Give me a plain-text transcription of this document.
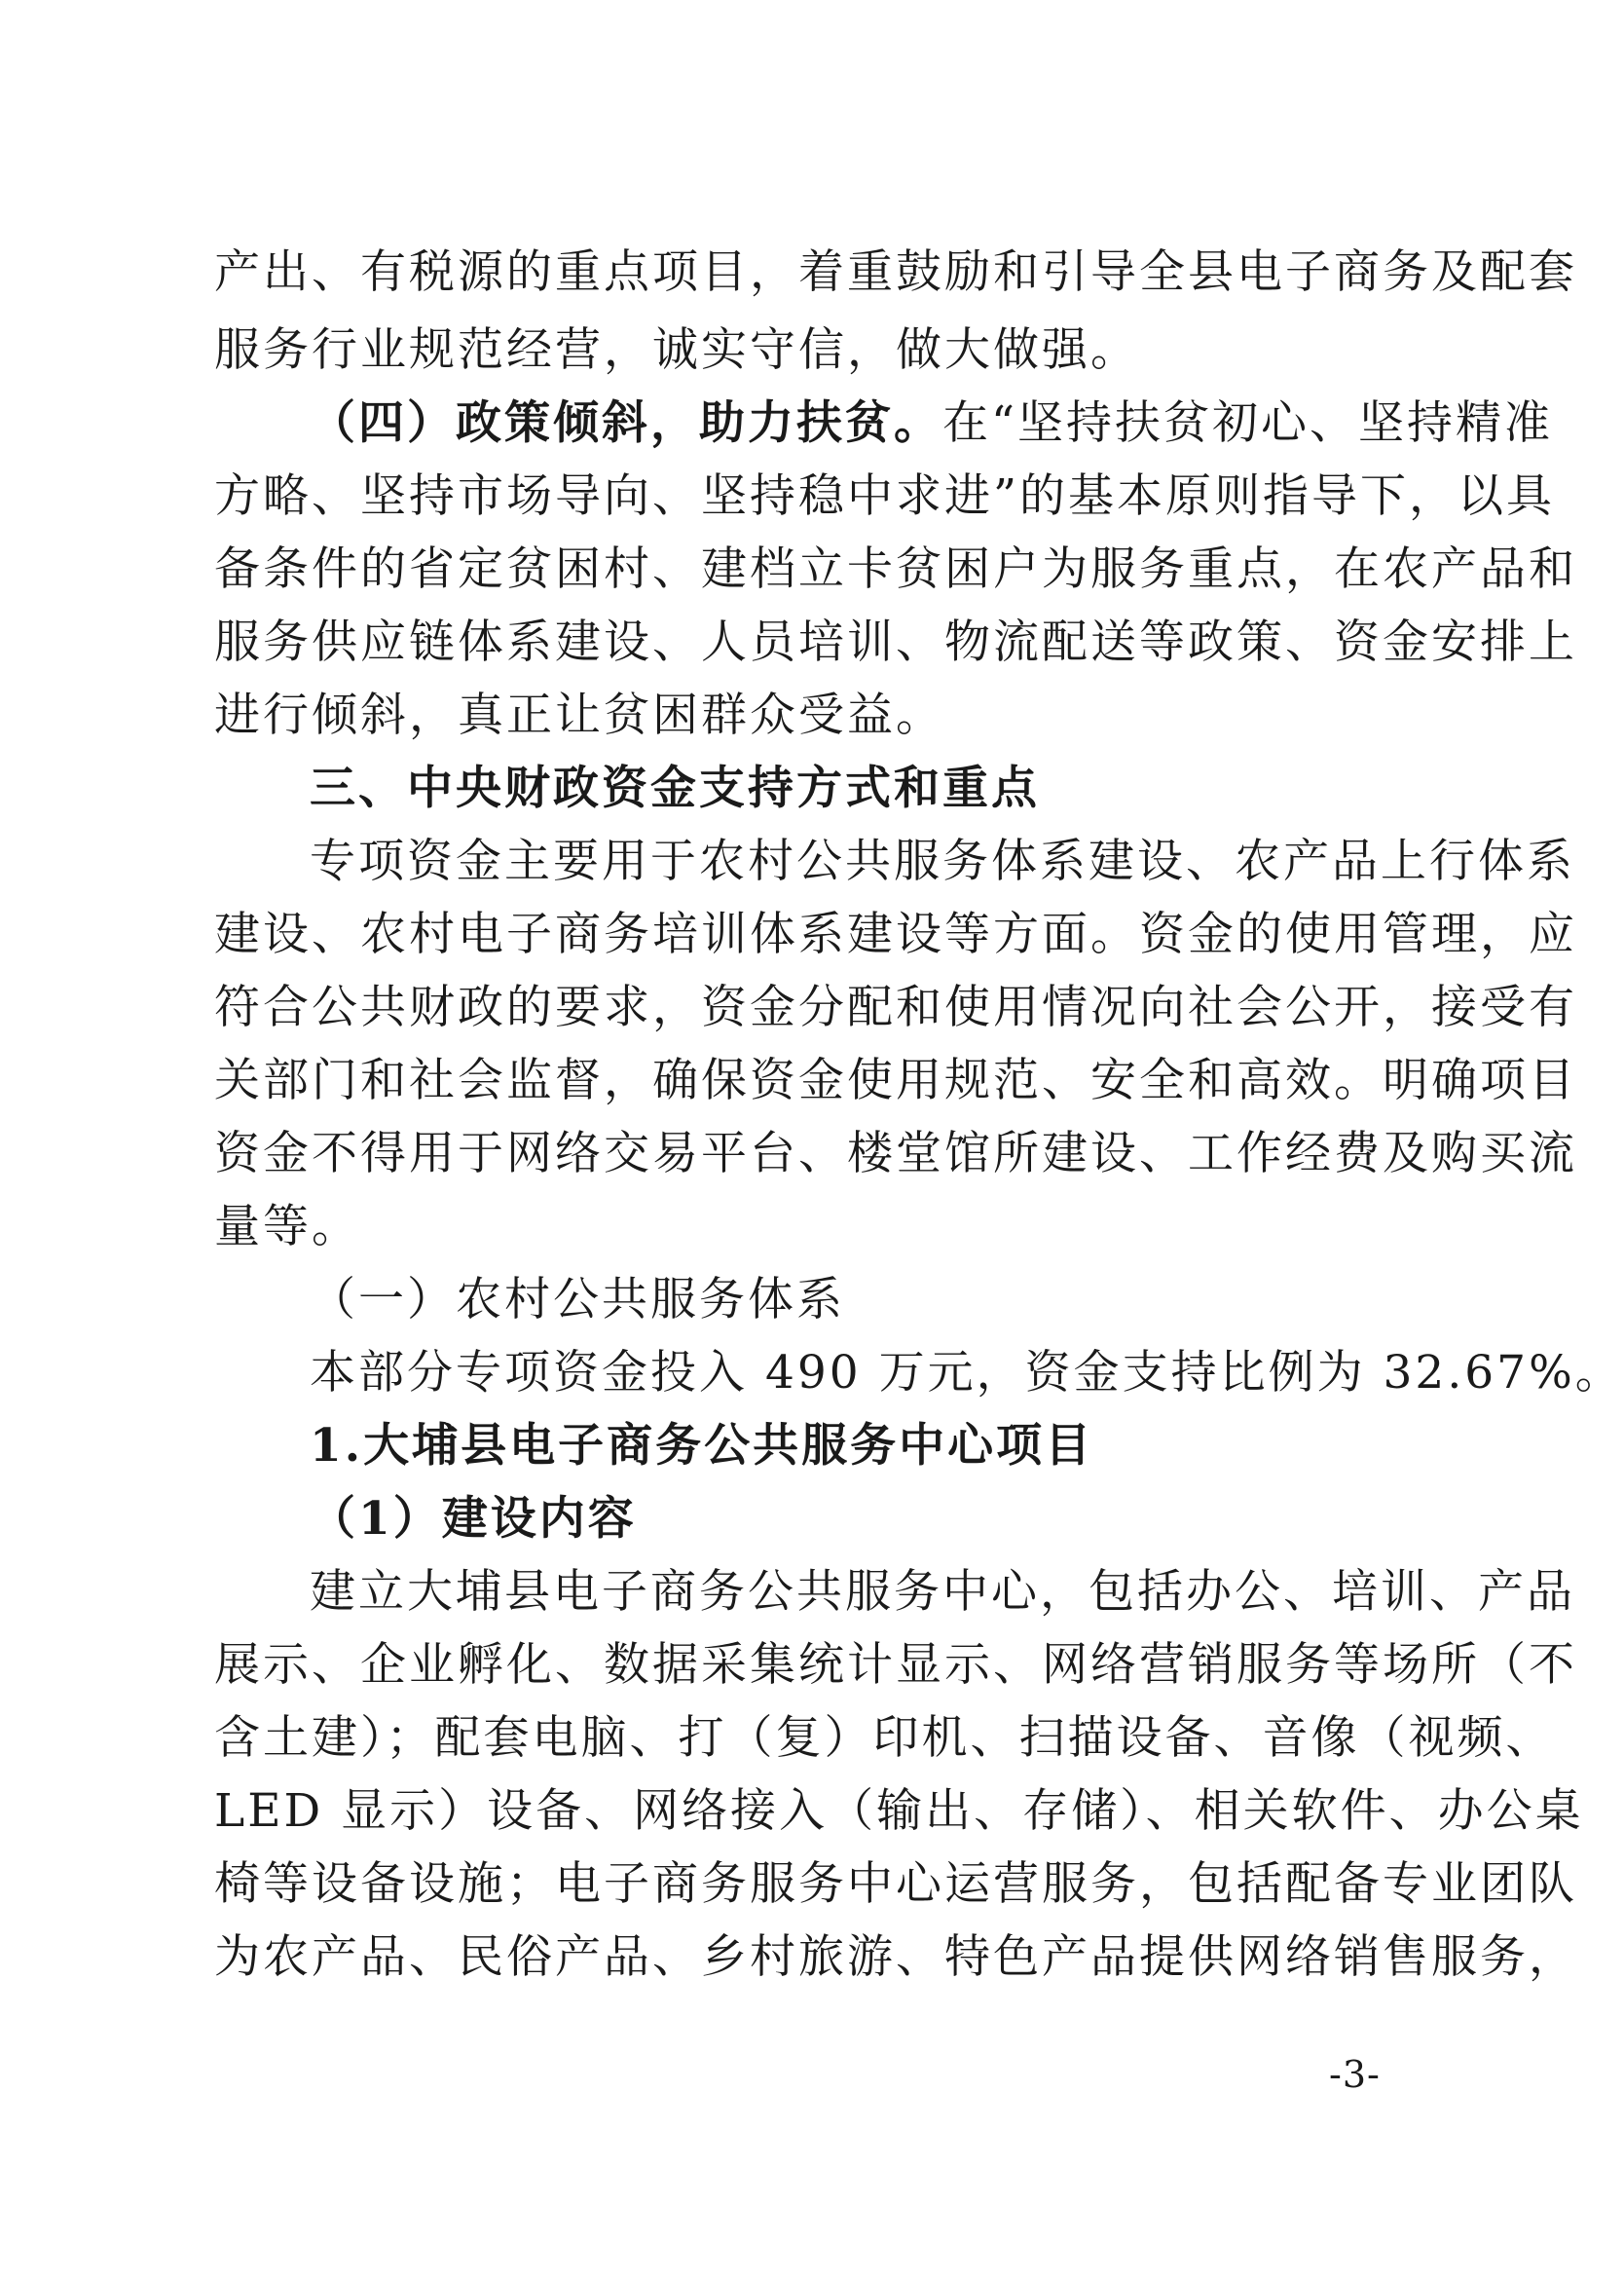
产出、有税源的重点项目，着重鼓励和引导全县电子商务及配套
服务行业规范经营，诚实守信，做大做强。
（四）政策倾斜，助力扶贫。在“坚持扶贫初心、坚持精准
方略、坚持市场导向、坚持稳中求进”的基本原则指导下，以具
备条件的省定贫困村、建档立卡贫困户为服务重点，在农产品和
服务供应链体系建设、人员培训、物流配送等政策、资金安排上
进行倾斜，真正让贫困群众受益。
三、中央财政资金支持方式和重点
专项资金主要用于农村公共服务体系建设、农产品上行体系
建设、农村电子商务培训体系建设等方面。资金的使用管理，应
符合公共财政的要求，资金分配和使用情况向社会公开，接受有
关部门和社会监督，确保资金使用规范、安全和高效。明确项目
资金不得用于网络交易平台、楼堂馆所建设、工作经费及购买流
量等。
（一）农村公共服务体系
本部分专项资金投入 490 万元，资金支持比例为 32.67%。
1.大埔县电子商务公共服务中心项目
（1）建设内容
建立大埔县电子商务公共服务中心，包括办公、培训、产品
展示、企业孵化、数据采集统计显示、网络营销服务等场所（不
含土建）；配套电脑、打（复）印机、扫描设备、音像（视频、
LED 显示）设备、网络接入（输出、存储）、相关软件、办公桌
椅等设备设施；电子商务服务中心运营服务，包括配备专业团队
为农产品、民俗产品、乡村旅游、特色产品提供网络销售服务，
-3-
